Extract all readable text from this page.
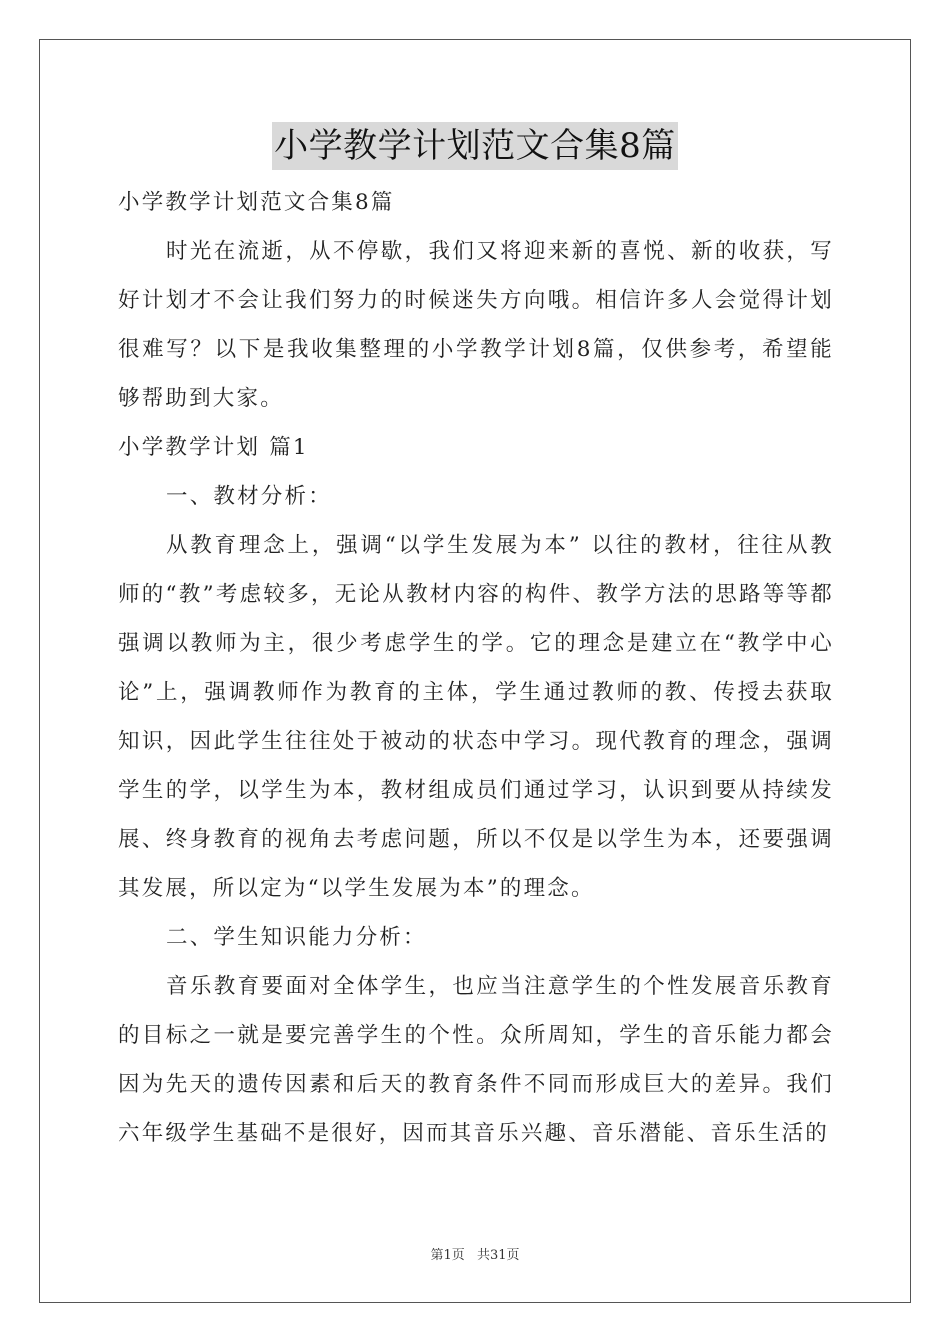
小学教学计划范文合集8篇

小学教学计划范文合集8篇

时光在流逝，从不停歇，我们又将迎来新的喜悦、新的收获，写好计划才不会让我们努力的时候迷失方向哦。相信许多人会觉得计划很难写？以下是我收集整理的小学教学计划8篇，仅供参考，希望能够帮助到大家。

小学教学计划 篇1

一、教材分析：

从教育理念上，强调“以学生发展为本” 以往的教材，往往从教师的“教”考虑较多，无论从教材内容的构件、教学方法的思路等等都强调以教师为主，很少考虑学生的学。它的理念是建立在“教学中心论”上，强调教师作为教育的主体，学生通过教师的教、传授去获取知识，因此学生往往处于被动的状态中学习。现代教育的理念，强调学生的学，以学生为本，教材组成员们通过学习，认识到要从持续发展、终身教育的视角去考虑问题，所以不仅是以学生为本，还要强调其发展，所以定为“以学生发展为本”的理念。

二、学生知识能力分析：

音乐教育要面对全体学生，也应当注意学生的个性发展音乐教育的目标之一就是要完善学生的个性。众所周知，学生的音乐能力都会因为先天的遗传因素和后天的教育条件不同而形成巨大的差异。我们六年级学生基础不是很好，因而其音乐兴趣、音乐潜能、音乐生活的

第1页 共31页
